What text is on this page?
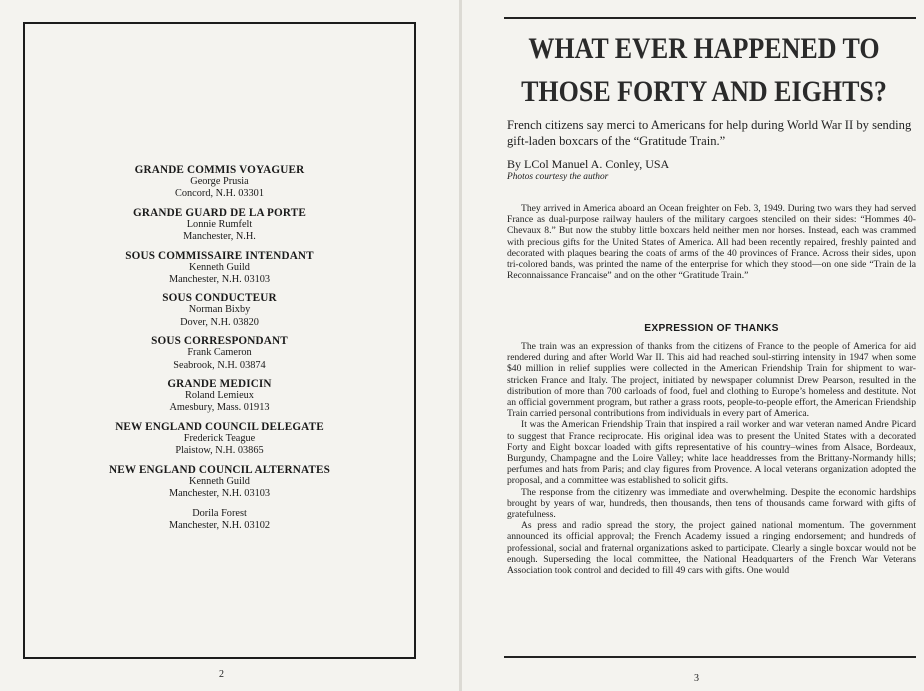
GRANDE COMMIS VOYAGUER
George Prusia
Concord, N.H. 03301
GRANDE GUARD DE LA PORTE
Lonnie Rumfelt
Manchester, N.H.
SOUS COMMISSAIRE INTENDANT
Kenneth Guild
Manchester, N.H. 03103
SOUS CONDUCTEUR
Norman Bixby
Dover, N.H. 03820
SOUS CORRESPONDANT
Frank Cameron
Seabrook, N.H. 03874
GRANDE MEDICIN
Roland Lemieux
Amesbury, Mass. 01913
NEW ENGLAND COUNCIL DELEGATE
Frederick Teague
Plaistow, N.H. 03865
NEW ENGLAND COUNCIL ALTERNATES
Kenneth Guild
Manchester, N.H. 03103
Dorila Forest
Manchester, N.H. 03102
2
WHAT EVER HAPPENED TO
THOSE FORTY AND EIGHTS?
French citizens say merci to Americans for help during World War II by sending gift-laden boxcars of the “Gratitude Train.”
By LCol Manuel A. Conley, USA
Photos courtesy the author

They arrived in America aboard an Ocean freighter on Feb. 3, 1949. During two wars they had served France as dual-purpose railway haulers of the military cargoes stenciled on their sides: “Hommes 40-Chevaux 8.” But now the stubby little boxcars held neither men nor horses. Instead, each was crammed with precious gifts for the United States of America. All had been recently repaired, freshly painted and decorated with plaques bearing the coats of arms of the 40 provinces of France. Across their sides, upon tri-colored bands, was printed the name of the enterprise for which they stood—on one side “Train de la Reconnaissance Francaise” and on the other “Gratitude Train.”

EXPRESSION OF THANKS

The train was an expression of thanks from the citizens of France to the people of America for aid rendered during and after World War II. This aid had reached soul-stirring intensity in 1947 when some $40 million in relief supplies were collected in the American Friendship Train for shipment to war-stricken France and Italy. The project, initiated by newspaper columnist Drew Pearson, resulted in the distribution of more than 700 carloads of food, fuel and clothing to Europe’s homeless and destitute. Not an official government program, but rather a grass roots, people-to-people effort, the American Friendship Train carried personal contributions from individuals in every part of America.

It was the American Friendship Train that inspired a rail worker and war veteran named Andre Picard to suggest that France reciprocate. His original idea was to present the United States with a decorated Forty and Eight boxcar loaded with gifts representative of his country–wines from Alsace, Bordeaux, Burgundy, Champagne and the Loire Valley; white lace headdresses from the Brittany-Normandy hills; perfumes and hats from Paris; and clay figures from Provence. A local veterans organization adopted the proposal, and a committee was established to solicit gifts.

The response from the citizenry was immediate and overwhelming. Despite the economic hardships brought by years of war, hundreds, then thousands, then tens of thousands came forward with gifts of gratefulness.

As press and radio spread the story, the project gained national momentum. The government announced its official approval; the French Academy issued a ringing endorsement; and hundreds of professional, social and fraternal organizations asked to participate. Clearly a single boxcar would not be enough. Superseding the local committee, the National Headquarters of the French War Veterans Association took control and decided to fill 49 cars with gifts. One would

3
